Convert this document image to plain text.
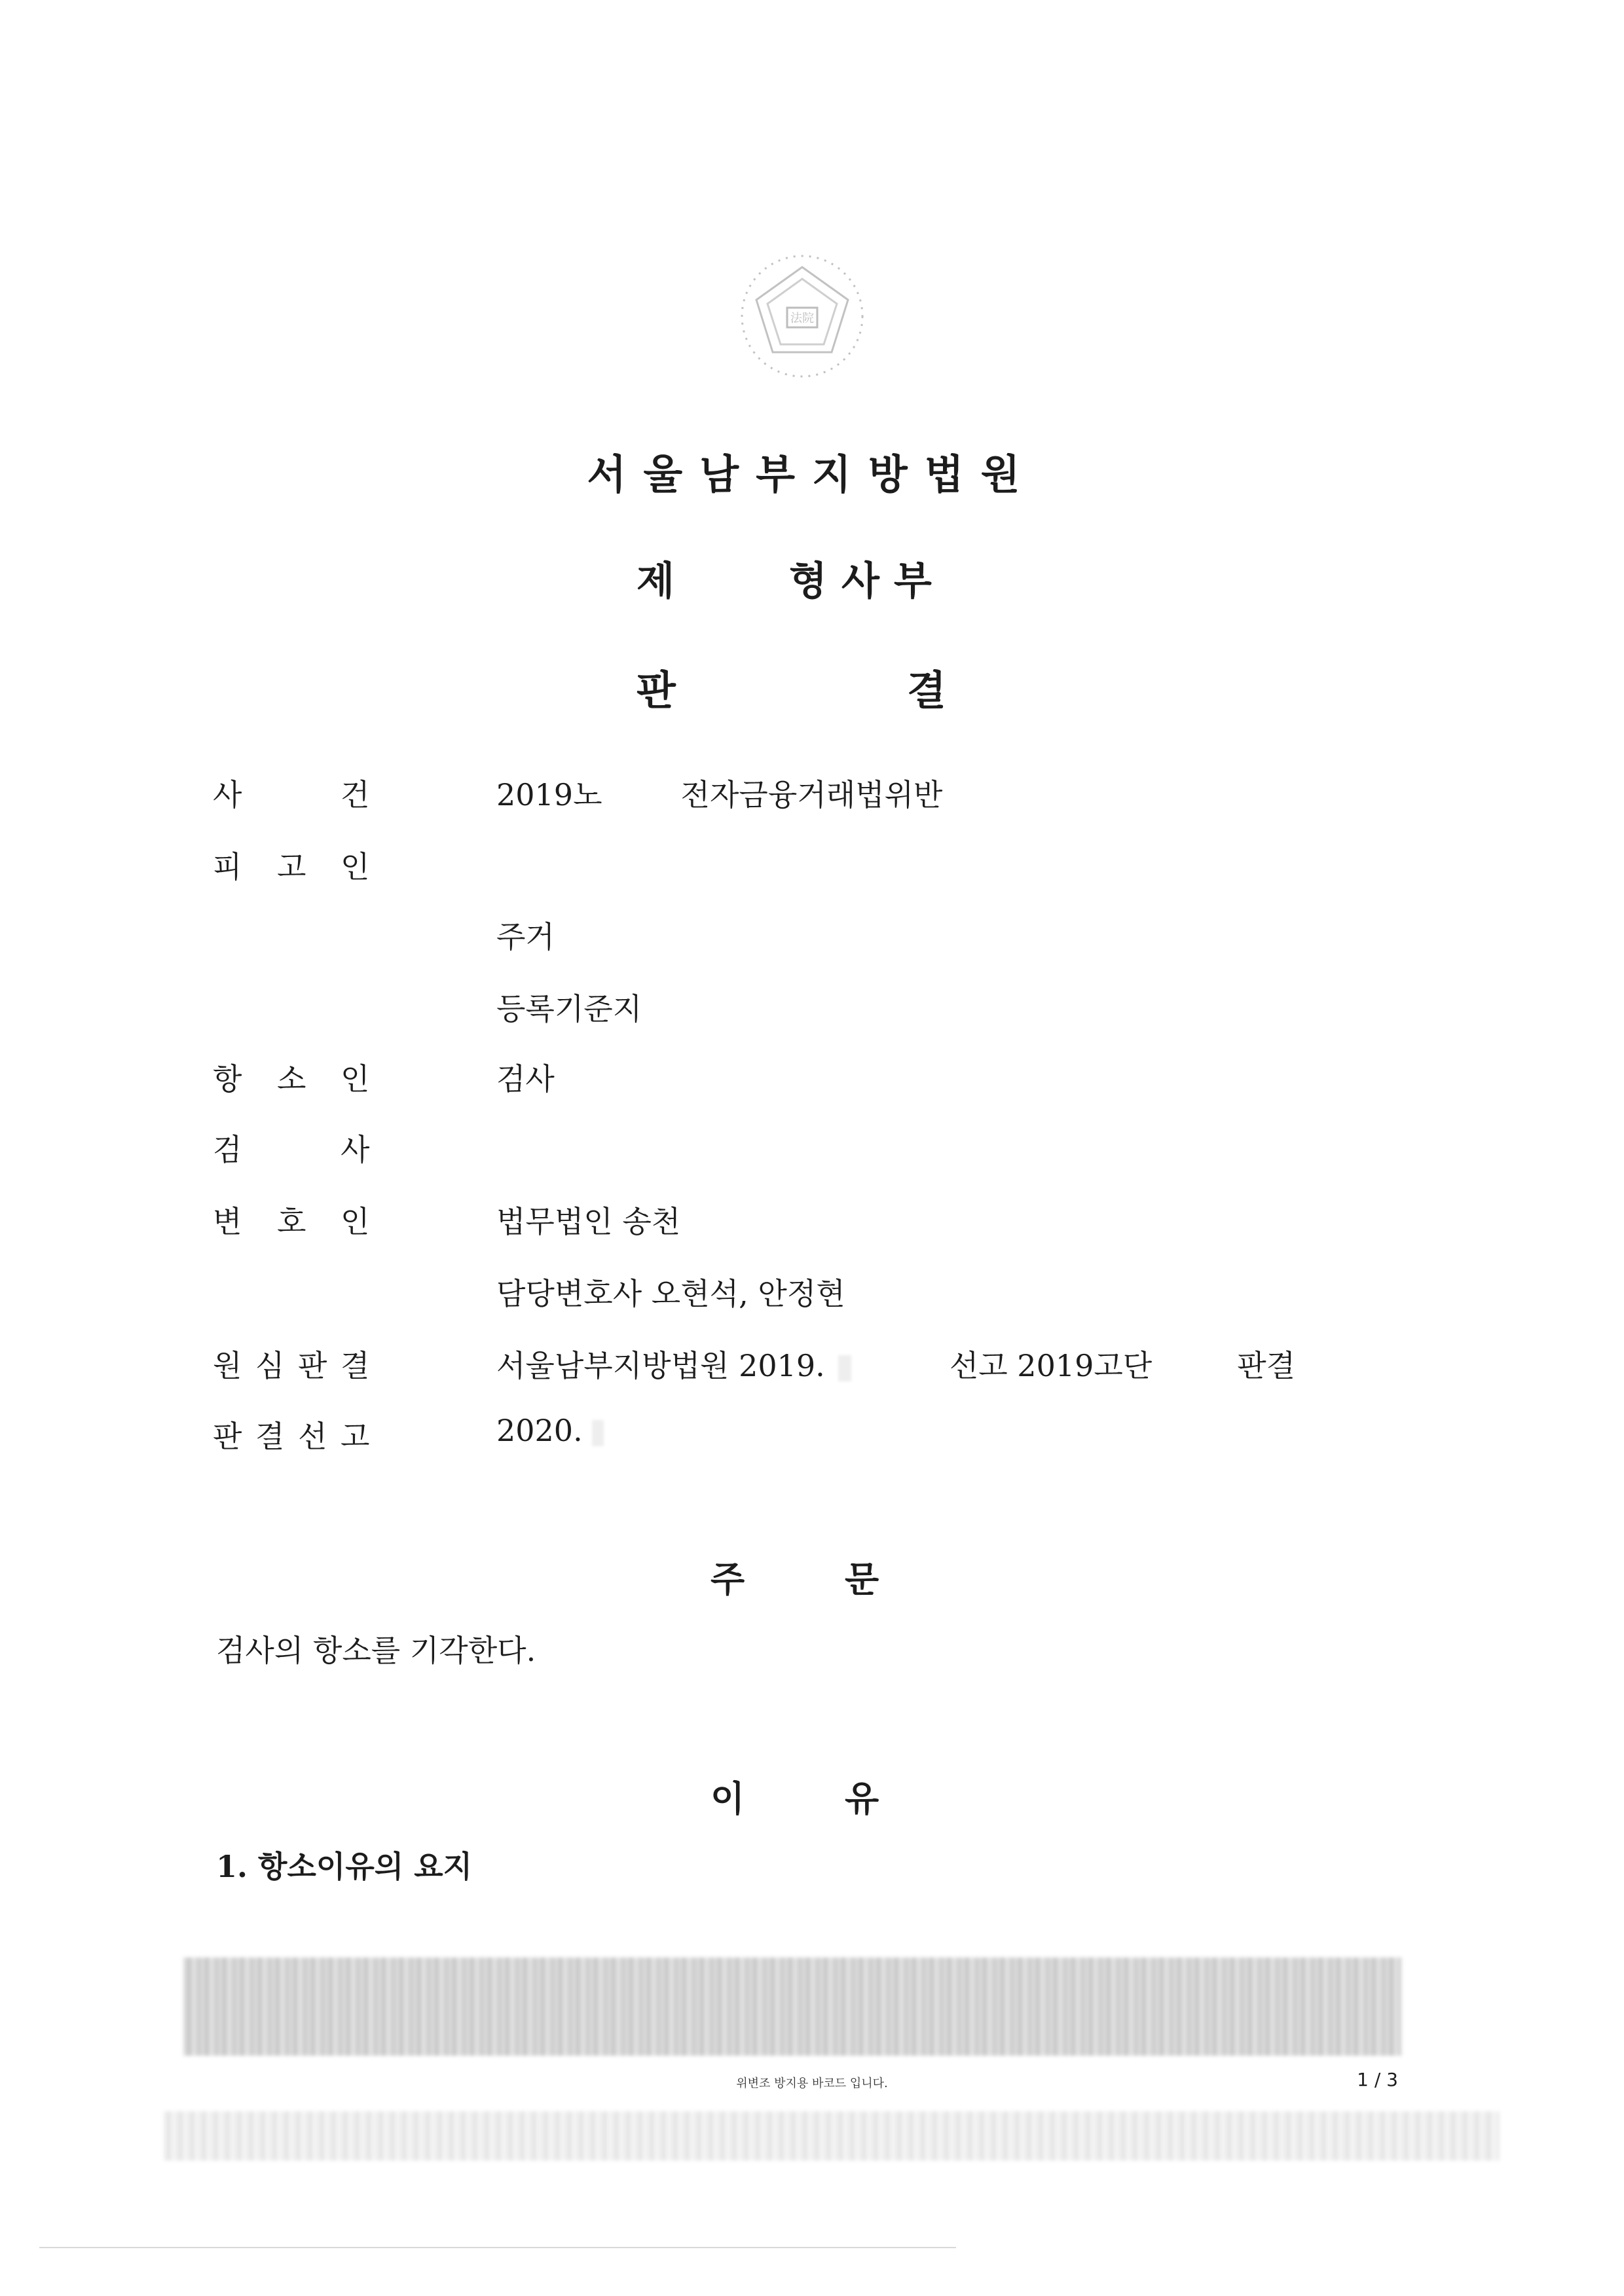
法院
서울남부지방법원
제	형사부
판	결
사	건	2019노	전자금융거래법위반
피 고 인
주거
등록기준지
항 소 인	검사
검	사
변 호 인	법무법인 송천
담당변호사 오현석, 안정현
원 심 판 결	서울남부지방법원 2019.	선고 2019고단	판결
판 결 선 고	2020.
주	문
검사의 항소를 기각한다.
이	유
1. 항소이유의 요지
위변조 방지용 바코드 입니다.	1 / 3
